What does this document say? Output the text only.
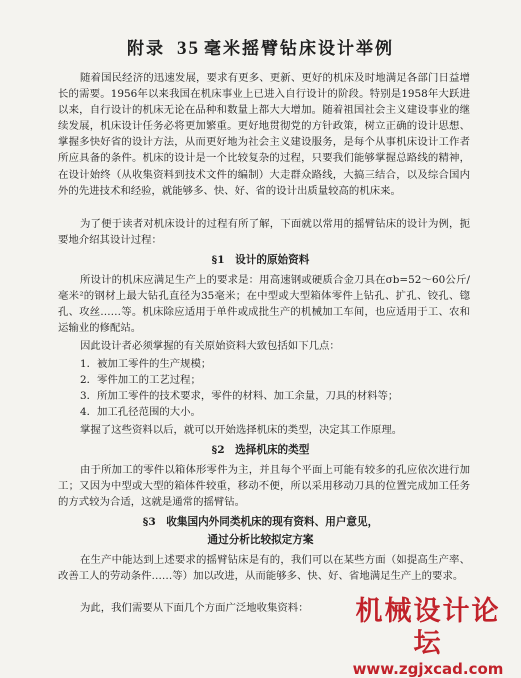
附录 35 毫米摇臂钻床设计举例
随着国民经济的迅速发展，要求有更多、更新、更好的机床及时地满足各部门日益增长的需要。1956年以来我国在机床事业上已进入自行设计的阶段。特别是1958年大跃进以来，自行设计的机床无论在品种和数量上都大大增加。随着祖国社会主义建设事业的继续发展，机床设计任务必将更加繁重。更好地贯彻党的方针政策，树立正确的设计思想、掌握多快好省的设计方法，从而更好地为社会主义建设服务，是每个从事机床设计工作者所应具备的条件。机床的设计是一个比较复杂的过程，只要我们能够掌握总路线的精神，在设计始终（从收集资料到技术文件的编制）大走群众路线，大搞三结合，以及综合国内外的先进技术和经验，就能够多、快、好、省的设计出质量较高的机床来。
为了便于读者对机床设计的过程有所了解，下面就以常用的摇臂钻床的设计为例，扼要地介绍其设计过程：
§1　设计的原始资料
所设计的机床应满足生产上的要求是：用高速钢或硬质合金刀具在σb=52～60公斤/毫米²的钢材上最大钻孔直径为35毫米；在中型或大型箱体零件上钻孔、扩孔、铰孔、锪孔、攻丝……等。机床除应适用于单件或成批生产的机械加工车间，也应适用于工、农和运输业的修配站。
因此设计者必须掌握的有关原始资料大致包括如下几点：
1．被加工零件的生产规模；
2．零件加工的工艺过程；
3．所加工零件的技术要求，零件的材料、加工余量，刀具的材料等；
4．加工孔径范围的大小。
掌握了这些资料以后，就可以开始选择机床的类型，决定其工作原理。
§2　选择机床的类型
由于所加工的零件以箱体形零件为主，并且每个平面上可能有较多的孔应依次进行加工；又因为中型或大型的箱体件较重，移动不便，所以采用移动刀具的位置完成加工任务的方式较为合适，这就是通常的摇臂钻。
§3　收集国内外同类机床的现有资料、用户意见，
通过分析比较拟定方案
在生产中能达到上述要求的摇臂钻床是有的，我们可以在某些方面（如提高生产率、改善工人的劳动条件……等）加以改进，从而能够多、快、好、省地满足生产上的要求。
为此，我们需要从下面几个方面广泛地收集资料：	机械设计论坛
www.zgjxcad.com
